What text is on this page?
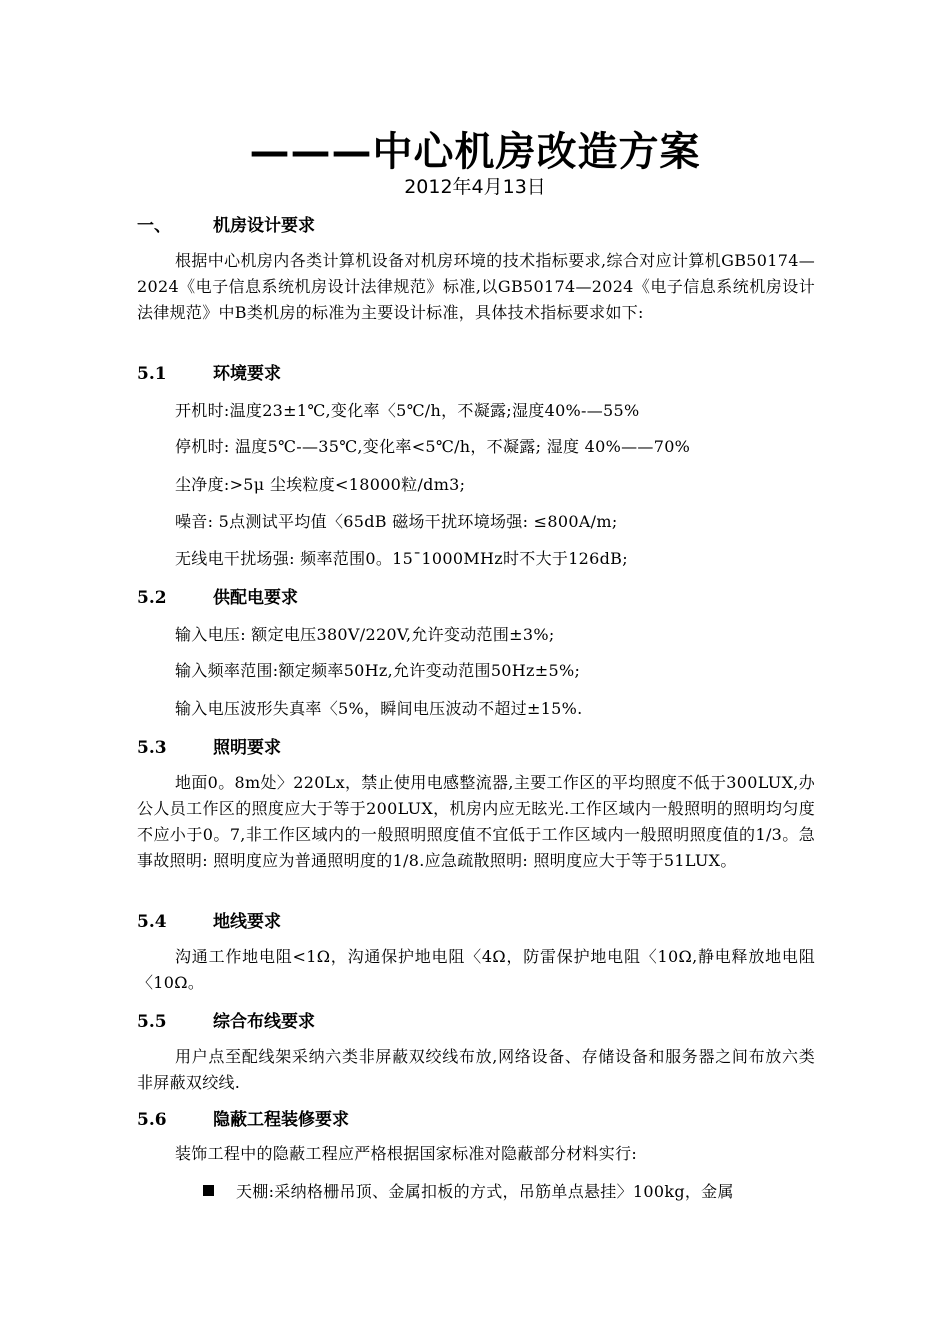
———中心机房改造方案
2012年4月13日
一、 机房设计要求
根据中心机房内各类计算机设备对机房环境的技术指标要求,综合对应计算机GB50174—2024《电子信息系统机房设计法律规范》标准,以GB50174—2024《电子信息系统机房设计法律规范》中B类机房的标准为主要设计标准，具体技术指标要求如下:
5.1	环境要求
开机时:温度23±1℃,变化率〈5℃/h，不凝露;湿度40%-—55%
停机时: 温度5℃-—35℃,变化率<5℃/h，不凝露; 湿度 40%——70%
尘净度:>5μ 尘埃粒度<18000粒/dm3;
噪音: 5点测试平均值〈65dB 磁场干扰环境场强: ≤800A/m;
无线电干扰场强: 频率范围0。15¯1000MHz时不大于126dB;
5.2	供配电要求
输入电压: 额定电压380V/220V,允许变动范围±3%;
输入频率范围:额定频率50Hz,允许变动范围50Hz±5%;
输入电压波形失真率〈5%，瞬间电压波动不超过±15%.
5.3	照明要求
地面0。8m处〉220Lx，禁止使用电感整流器,主要工作区的平均照度不低于300LUX,办公人员工作区的照度应大于等于200LUX，机房内应无眩光.工作区域内一般照明的照明均匀度不应小于0。7,非工作区域内的一般照明照度值不宜低于工作区域内一般照明照度值的1/3。急事故照明: 照明度应为普通照明度的1/8.应急疏散照明: 照明度应大于等于51LUX。
5.4	地线要求
沟通工作地电阻<1Ω，沟通保护地电阻〈4Ω，防雷保护地电阻〈10Ω,静电释放地电阻〈10Ω。
5.5	综合布线要求
用户点至配线架采纳六类非屏蔽双绞线布放,网络设备、存储设备和服务器之间布放六类非屏蔽双绞线.
5.6	隐蔽工程装修要求
装饰工程中的隐蔽工程应严格根据国家标准对隐蔽部分材料实行:
天棚:采纳格栅吊顶、金属扣板的方式，吊筋单点悬挂〉100kg，金属
